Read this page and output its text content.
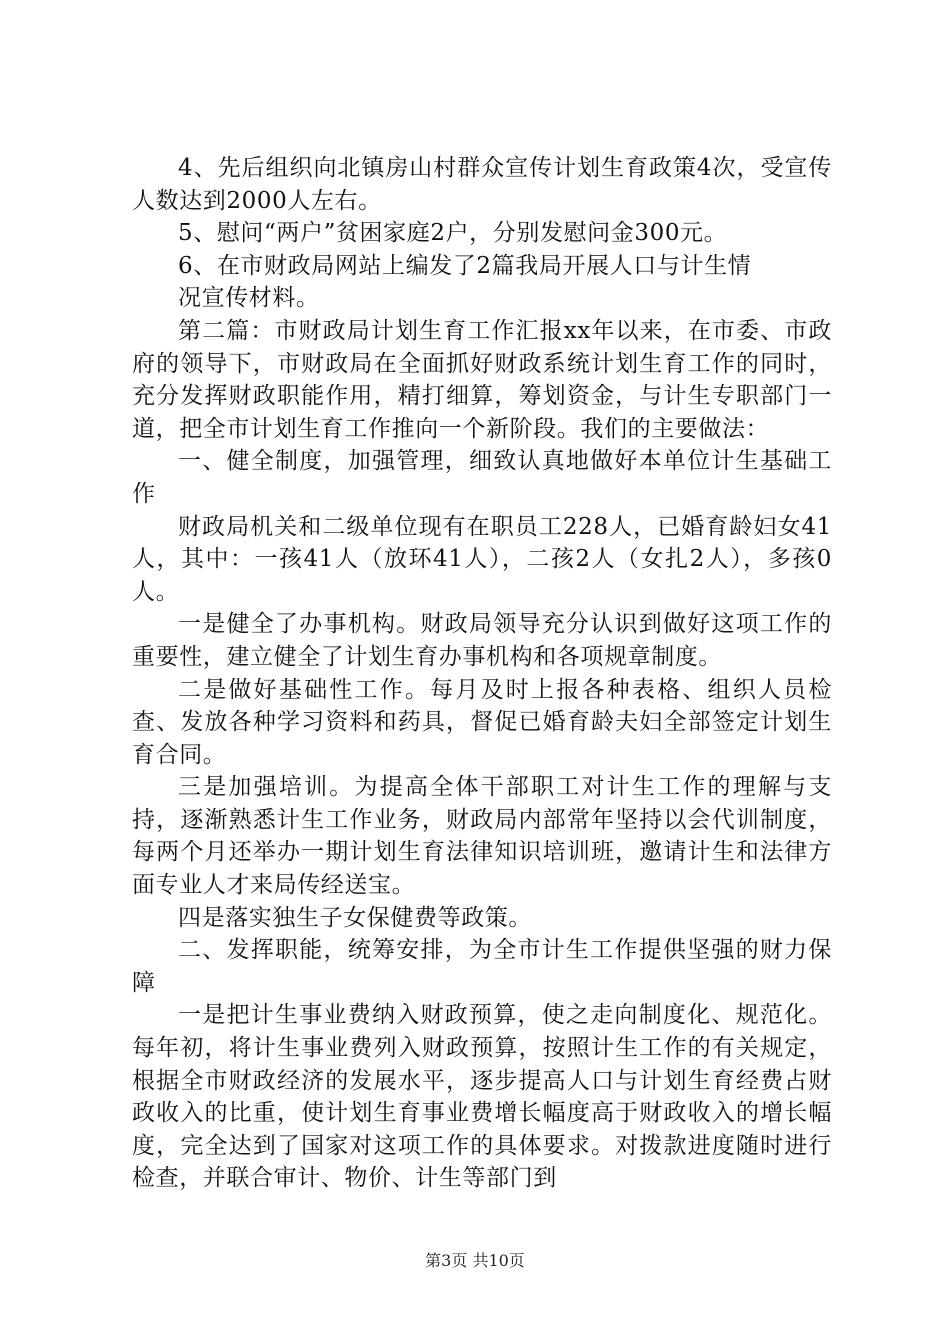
4、先后组织向北镇房山村群众宣传计划生育政策4次，受宣传人数达到2000人左右。

5、慰问“两户”贫困家庭2户，分别发慰问金300元。

6、在市财政局网站上编发了2篇我局开展人口与计生情

况宣传材料。

第二篇：市财政局计划生育工作汇报xx年以来，在市委、市政府的领导下，市财政局在全面抓好财政系统计划生育工作的同时，充分发挥财政职能作用，精打细算，筹划资金，与计生专职部门一道，把全市计划生育工作推向一个新阶段。我们的主要做法：

一、健全制度，加强管理，细致认真地做好本单位计生基础工作

财政局机关和二级单位现有在职员工228人，已婚育龄妇女41人，其中：一孩41人（放环41人），二孩2人（女扎2人），多孩0人。

一是健全了办事机构。财政局领导充分认识到做好这项工作的重要性，建立健全了计划生育办事机构和各项规章制度。

二是做好基础性工作。每月及时上报各种表格、组织人员检查、发放各种学习资料和药具，督促已婚育龄夫妇全部签定计划生育合同。

三是加强培训。为提高全体干部职工对计生工作的理解与支持，逐渐熟悉计生工作业务，财政局内部常年坚持以会代训制度，每两个月还举办一期计划生育法律知识培训班，邀请计生和法律方面专业人才来局传经送宝。

四是落实独生子女保健费等政策。

二、发挥职能，统筹安排，为全市计生工作提供坚强的财力保障

一是把计生事业费纳入财政预算，使之走向制度化、规范化。每年初，将计生事业费列入财政预算，按照计生工作的有关规定，根据全市财政经济的发展水平，逐步提高人口与计划生育经费占财政收入的比重，使计划生育事业费增长幅度高于财政收入的增长幅度，完全达到了国家对这项工作的具体要求。对拨款进度随时进行检查，并联合审计、物价、计生等部门到

第3页 共10页
